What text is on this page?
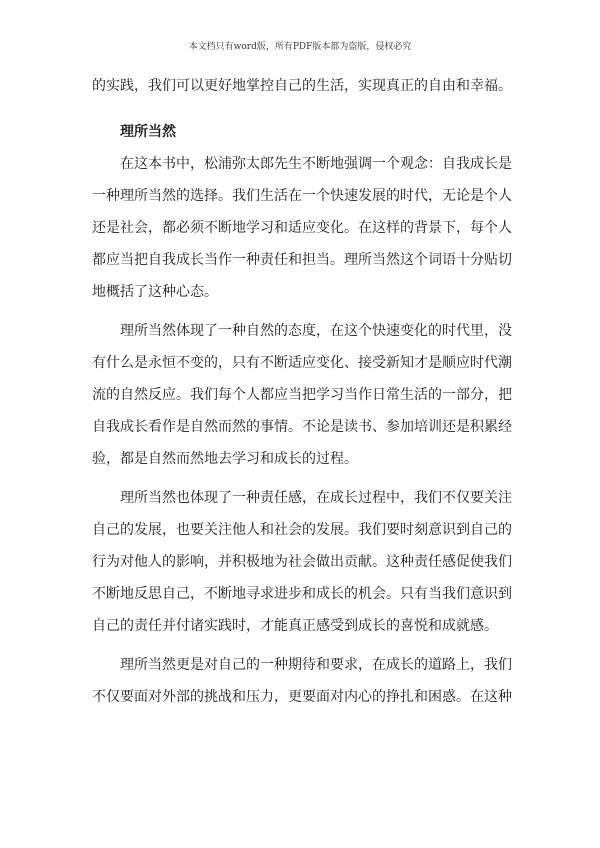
本文档只有word版，所有PDF版本都为盗版，侵权必究

的实践，我们可以更好地掌控自己的生活，实现真正的自由和幸福。

理所当然

在这本书中，松浦弥太郎先生不断地强调一个观念：自我成长是一种理所当然的选择。我们生活在一个快速发展的时代，无论是个人还是社会，都必须不断地学习和适应变化。在这样的背景下，每个人都应当把自我成长当作一种责任和担当。理所当然这个词语十分贴切地概括了这种心态。

理所当然体现了一种自然的态度，在这个快速变化的时代里，没有什么是永恒不变的，只有不断适应变化、接受新知才是顺应时代潮流的自然反应。我们每个人都应当把学习当作日常生活的一部分，把自我成长看作是自然而然的事情。不论是读书、参加培训还是积累经验，都是自然而然地去学习和成长的过程。

理所当然也体现了一种责任感，在成长过程中，我们不仅要关注自己的发展，也要关注他人和社会的发展。我们要时刻意识到自己的行为对他人的影响，并积极地为社会做出贡献。这种责任感促使我们不断地反思自己，不断地寻求进步和成长的机会。只有当我们意识到自己的责任并付诸实践时，才能真正感受到成长的喜悦和成就感。

理所当然更是对自己的一种期待和要求，在成长的道路上，我们不仅要面对外部的挑战和压力，更要面对内心的挣扎和困惑。在这种
